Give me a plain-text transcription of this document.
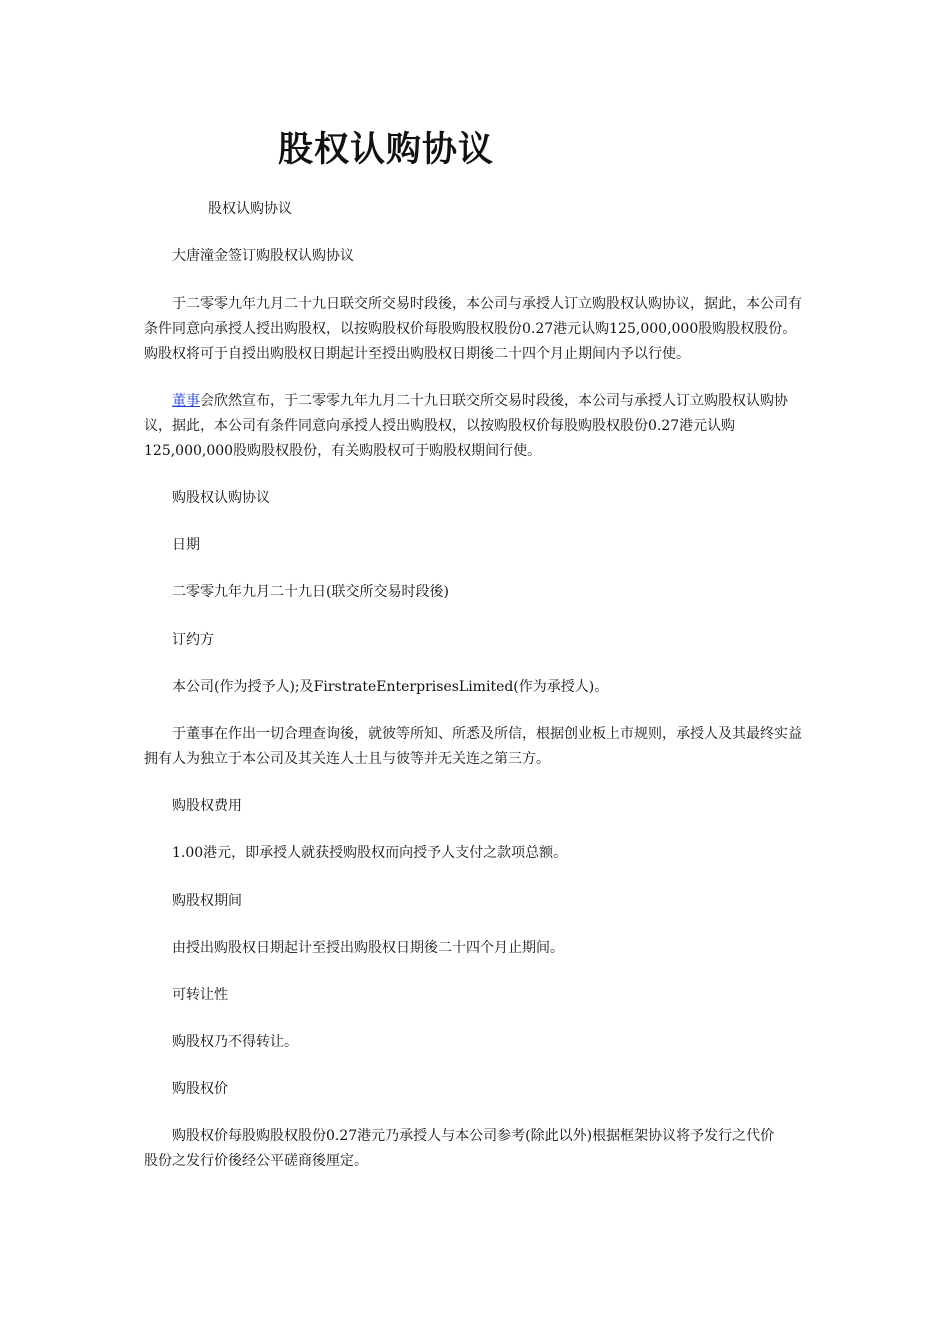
股权认购协议
股权认购协议
大唐潼金签订购股权认购协议
于二零零九年九月二十九日联交所交易时段後，本公司与承授人订立购股权认购协议，据此，本公司有
条件同意向承授人授出购股权，以按购股权价每股购股权股份0.27港元认购125,000,000股购股权股份。
购股权将可于自授出购股权日期起计至授出购股权日期後二十四个月止期间内予以行使。
董事会欣然宣布，于二零零九年九月二十九日联交所交易时段後，本公司与承授人订立购股权认购协
议，据此，本公司有条件同意向承授人授出购股权，以按购股权价每股购股权股份0.27港元认购
125,000,000股购股权股份，有关购股权可于购股权期间行使。
购股权认购协议
日期
二零零九年九月二十九日(联交所交易时段後)
订约方
本公司(作为授予人);及FirstrateEnterprisesLimited(作为承授人)。
于董事在作出一切合理查询後，就彼等所知、所悉及所信，根据创业板上市规则，承授人及其最终实益
拥有人为独立于本公司及其关连人士且与彼等并无关连之第三方。
购股权费用
1.00港元，即承授人就获授购股权而向授予人支付之款项总额。
购股权期间
由授出购股权日期起计至授出购股权日期後二十四个月止期间。
可转让性
购股权乃不得转让。
购股权价
购股权价每股购股权股份0.27港元乃承授人与本公司参考(除此以外)根据框架协议将予发行之代价
股份之发行价後经公平磋商後厘定。
